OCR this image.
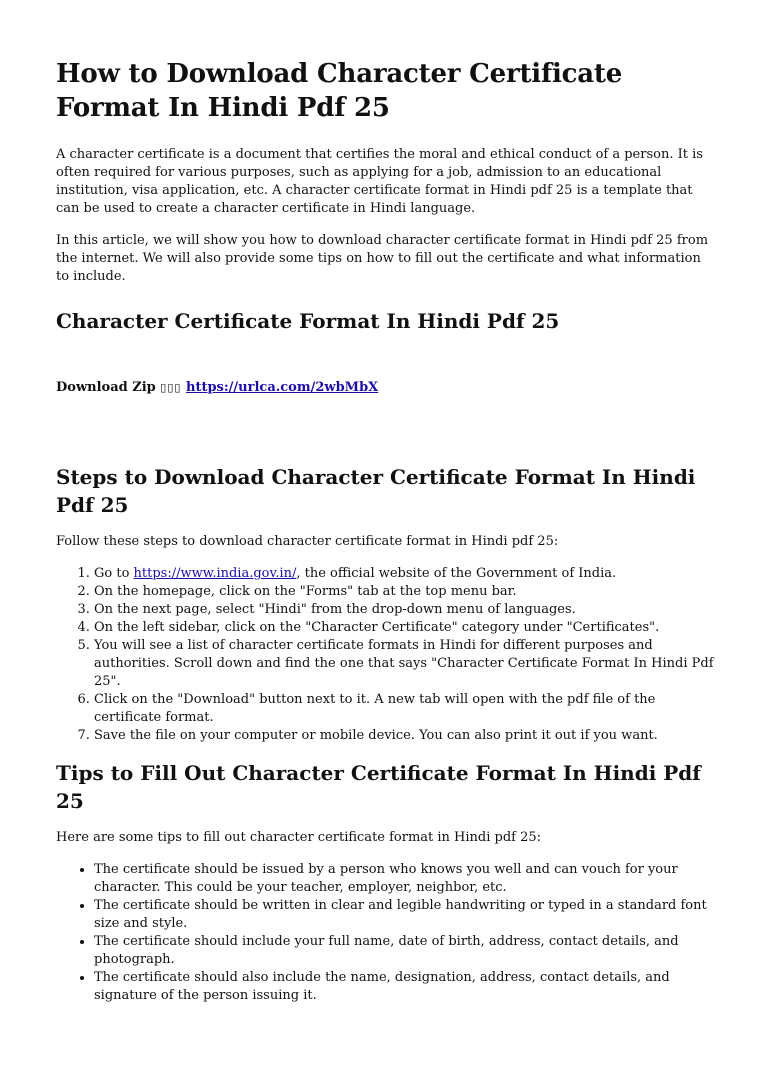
How to Download Character Certificate Format In Hindi Pdf 25

A character certificate is a document that certifies the moral and ethical conduct of a person. It is often required for various purposes, such as applying for a job, admission to an educational institution, visa application, etc. A character certificate format in Hindi pdf 25 is a template that can be used to create a character certificate in Hindi language.

In this article, we will show you how to download character certificate format in Hindi pdf 25 from the internet. We will also provide some tips on how to fill out the certificate and what information to include.

Character Certificate Format In Hindi Pdf 25
Download Zip ▯▯▯ https://urlca.com/2wbMbX
Steps to Download Character Certificate Format In Hindi Pdf 25

Follow these steps to download character certificate format in Hindi pdf 25:

1. Go to https://www.india.gov.in/, the official website of the Government of India.
2. On the homepage, click on the "Forms" tab at the top menu bar.
3. On the next page, select "Hindi" from the drop-down menu of languages.
4. On the left sidebar, click on the "Character Certificate" category under "Certificates".
5. You will see a list of character certificate formats in Hindi for different purposes and authorities. Scroll down and find the one that says "Character Certificate Format In Hindi Pdf 25".
6. Click on the "Download" button next to it. A new tab will open with the pdf file of the certificate format.
7. Save the file on your computer or mobile device. You can also print it out if you want.
Tips to Fill Out Character Certificate Format In Hindi Pdf 25

Here are some tips to fill out character certificate format in Hindi pdf 25:

• The certificate should be issued by a person who knows you well and can vouch for your character. This could be your teacher, employer, neighbor, etc.
• The certificate should be written in clear and legible handwriting or typed in a standard font size and style.
• The certificate should include your full name, date of birth, address, contact details, and photograph.
• The certificate should also include the name, designation, address, contact details, and signature of the person issuing it.
